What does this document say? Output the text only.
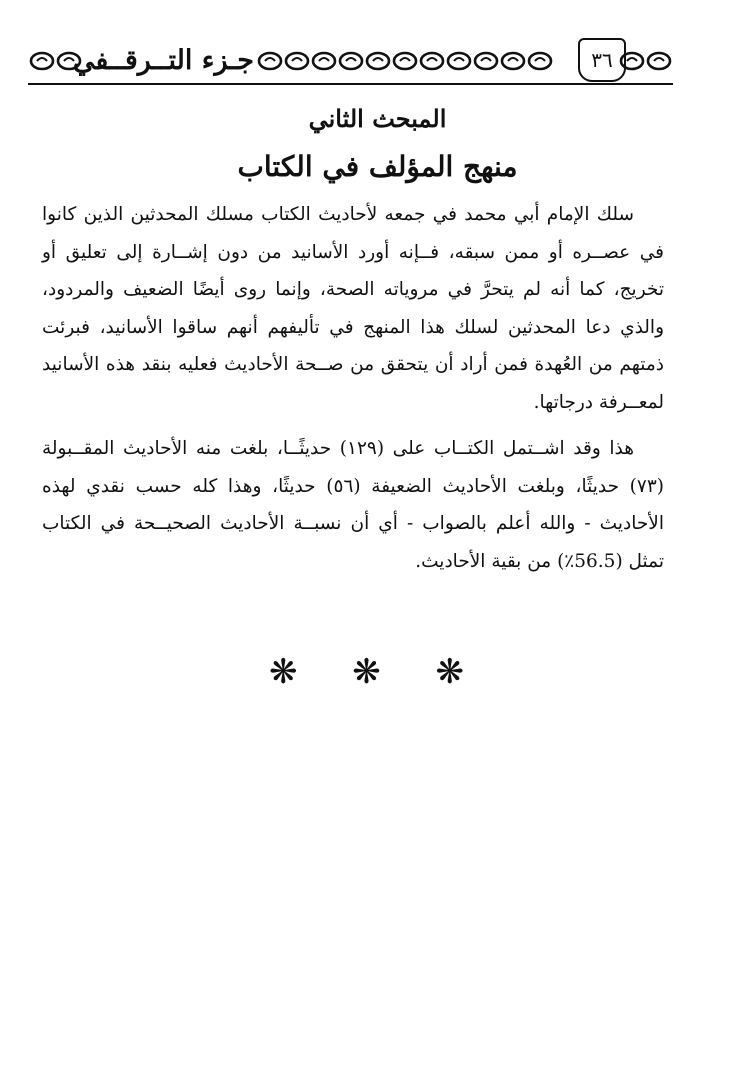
جـزء التــرقــفي	٣٦
المبحث الثاني
منهج المؤلف في الكتاب

سلك الإمام أبي محمد في جمعه لأحاديث الكتاب مسلك المحدثين الذين كانوا في عصــره أو ممن سبقه، فــإنه أورد الأسانيد من دون إشــارة إلى تعليق أو تخريج، كما أنه لم يتحرَّ في مروياته الصحة، وإنما روى أيضًا الضعيف والمردود، والذي دعا المحدثين لسلك هذا المنهج في تأليفهم أنهم ساقوا الأسانيد، فبرئت ذمتهم من العُهدة فمن أراد أن يتحقق من صــحة الأحاديث فعليه بنقد هذه الأسانيد لمعــرفة درجاتها.

هذا وقد اشــتمل الكتــاب على (١٢٩) حديثًــا، بلغت منه الأحاديث المقــبولة (٧٣) حديثًا، وبلغت الأحاديث الضعيفة (٥٦) حديثًا، وهذا كله حسب نقدي لهذه الأحاديث - والله أعلم بالصواب - أي أن نسبــة الأحاديث الصحيــحة في الكتاب تمثل (56.5٪) من بقية الأحاديث.

❋ ❋ ❋
